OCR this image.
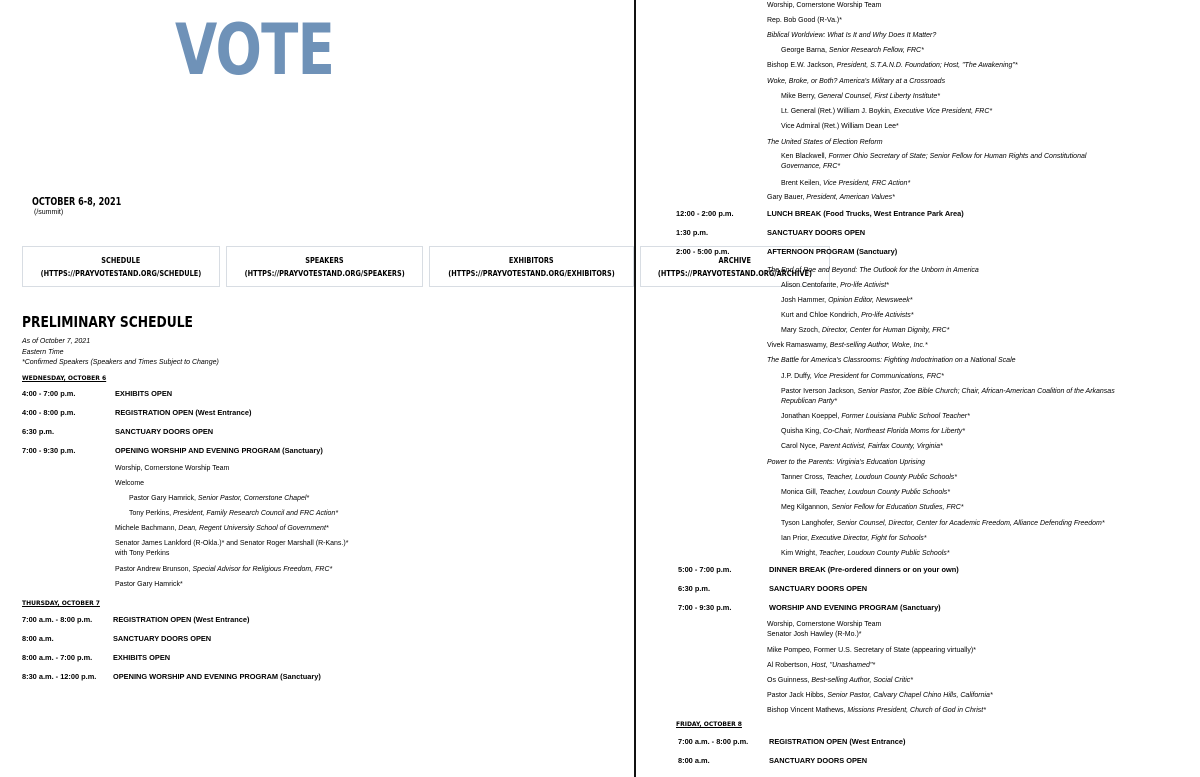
VOTE
OCTOBER 6-8, 2021
(/summit)
SCHEDULE
(HTTPS://PRAYVOTESTAND.ORG/SCHEDULE)
SPEAKERS
(HTTPS://PRAYVOTESTAND.ORG/SPEAKERS)
EXHIBITORS
(HTTPS://PRAYVOTESTAND.ORG/EXHIBITORS)
ARCHIVE
(HTTPS://PRAYVOTESTAND.ORG/ARCHIVE)
PRELIMINARY SCHEDULE
As of October 7, 2021
Eastern Time
*Confirmed Speakers (Speakers and Times Subject to Change)
WEDNESDAY, OCTOBER 6
4:00 - 7:00 p.m.	EXHIBITS OPEN
4:00 - 8:00 p.m.	REGISTRATION OPEN (West Entrance)
6:30 p.m.	SANCTUARY DOORS OPEN
7:00 - 9:30 p.m.	OPENING WORSHIP AND EVENING PROGRAM (Sanctuary)
Worship, Cornerstone Worship Team
Welcome
Pastor Gary Hamrick, Senior Pastor, Cornerstone Chapel*
Tony Perkins, President, Family Research Council and FRC Action*
Michele Bachmann, Dean, Regent University School of Government*
Senator James Lankford (R-Okla.)* and Senator Roger Marshall (R-Kans.)*
with Tony Perkins
Pastor Andrew Brunson, Special Advisor for Religious Freedom, FRC*
Pastor Gary Hamrick*
THURSDAY, OCTOBER 7
7:00 a.m. - 8:00 p.m.	REGISTRATION OPEN (West Entrance)
8:00 a.m.	SANCTUARY DOORS OPEN
8:00 a.m. - 7:00 p.m.	EXHIBITS OPEN
8:30 a.m. - 12:00 p.m. OPENING WORSHIP AND EVENING PROGRAM (Sanctuary)
Worship, Cornerstone Worship Team
Rep. Bob Good (R-Va.)*
Biblical Worldview: What Is It and Why Does It Matter?
George Barna, Senior Research Fellow, FRC*
Bishop E.W. Jackson, President, S.T.A.N.D. Foundation; Host, "The Awakening"*
Woke, Broke, or Both? America's Military at a Crossroads
Mike Berry, General Counsel, First Liberty Institute*
Lt. General (Ret.) William J. Boykin, Executive Vice President, FRC*
Vice Admiral (Ret.) William Dean Lee*
The United States of Election Reform
Ken Blackwell, Former Ohio Secretary of State; Senior Fellow for Human Rights and Constitutional
Governance, FRC*
Brent Keilen, Vice President, FRC Action*
Gary Bauer, President, American Values*
12:00 - 2:00 p.m.	LUNCH BREAK (Food Trucks, West Entrance Park Area)
1:30 p.m.	SANCTUARY DOORS OPEN
2:00 - 5:00 p.m.	AFTERNOON PROGRAM (Sanctuary)
The End of Roe and Beyond: The Outlook for the Unborn in America
Alison Centofante, Pro-life Activist*
Josh Hammer, Opinion Editor, Newsweek*
Kurt and Chloe Kondrich, Pro-life Activists*
Mary Szoch, Director, Center for Human Dignity, FRC*
Vivek Ramaswamy, Best-selling Author, Woke, Inc.*
The Battle for America's Classrooms: Fighting Indoctrination on a National Scale
J.P. Duffy, Vice President for Communications, FRC*
Pastor Iverson Jackson, Senior Pastor, Zoe Bible Church; Chair, African-American Coalition of the Arkansas
Republican Party*
Jonathan Koeppel, Former Louisiana Public School Teacher*
Quisha King, Co-Chair, Northeast Florida Moms for Liberty*
Carol Nyce, Parent Activist, Fairfax County, Virginia*
Power to the Parents: Virginia's Education Uprising
Tanner Cross, Teacher, Loudoun County Public Schools*
Monica Gill, Teacher, Loudoun County Public Schools*
Meg Kilgannon, Senior Fellow for Education Studies, FRC*
Tyson Langhofer, Senior Counsel, Director, Center for Academic Freedom, Alliance Defending Freedom*
Ian Prior, Executive Director, Fight for Schools*
Kim Wright, Teacher, Loudoun County Public Schools*
5:00 - 7:00 p.m.	DINNER BREAK (Pre-ordered dinners or on your own)
6:30 p.m.	SANCTUARY DOORS OPEN
7:00 - 9:30 p.m.	WORSHIP AND EVENING PROGRAM (Sanctuary)
Worship, Cornerstone Worship Team
Senator Josh Hawley (R-Mo.)*
Mike Pompeo, Former U.S. Secretary of State (appearing virtually)*
Al Robertson, Host, "Unashamed"*
Os Guinness, Best-selling Author, Social Critic*
Pastor Jack Hibbs, Senior Pastor, Calvary Chapel Chino Hills, California*
Bishop Vincent Mathews, Missions President, Church of God in Christ*
FRIDAY, OCTOBER 8
7:00 a.m. - 8:00 p.m.	REGISTRATION OPEN (West Entrance)
8:00 a.m.	SANCTUARY DOORS OPEN
